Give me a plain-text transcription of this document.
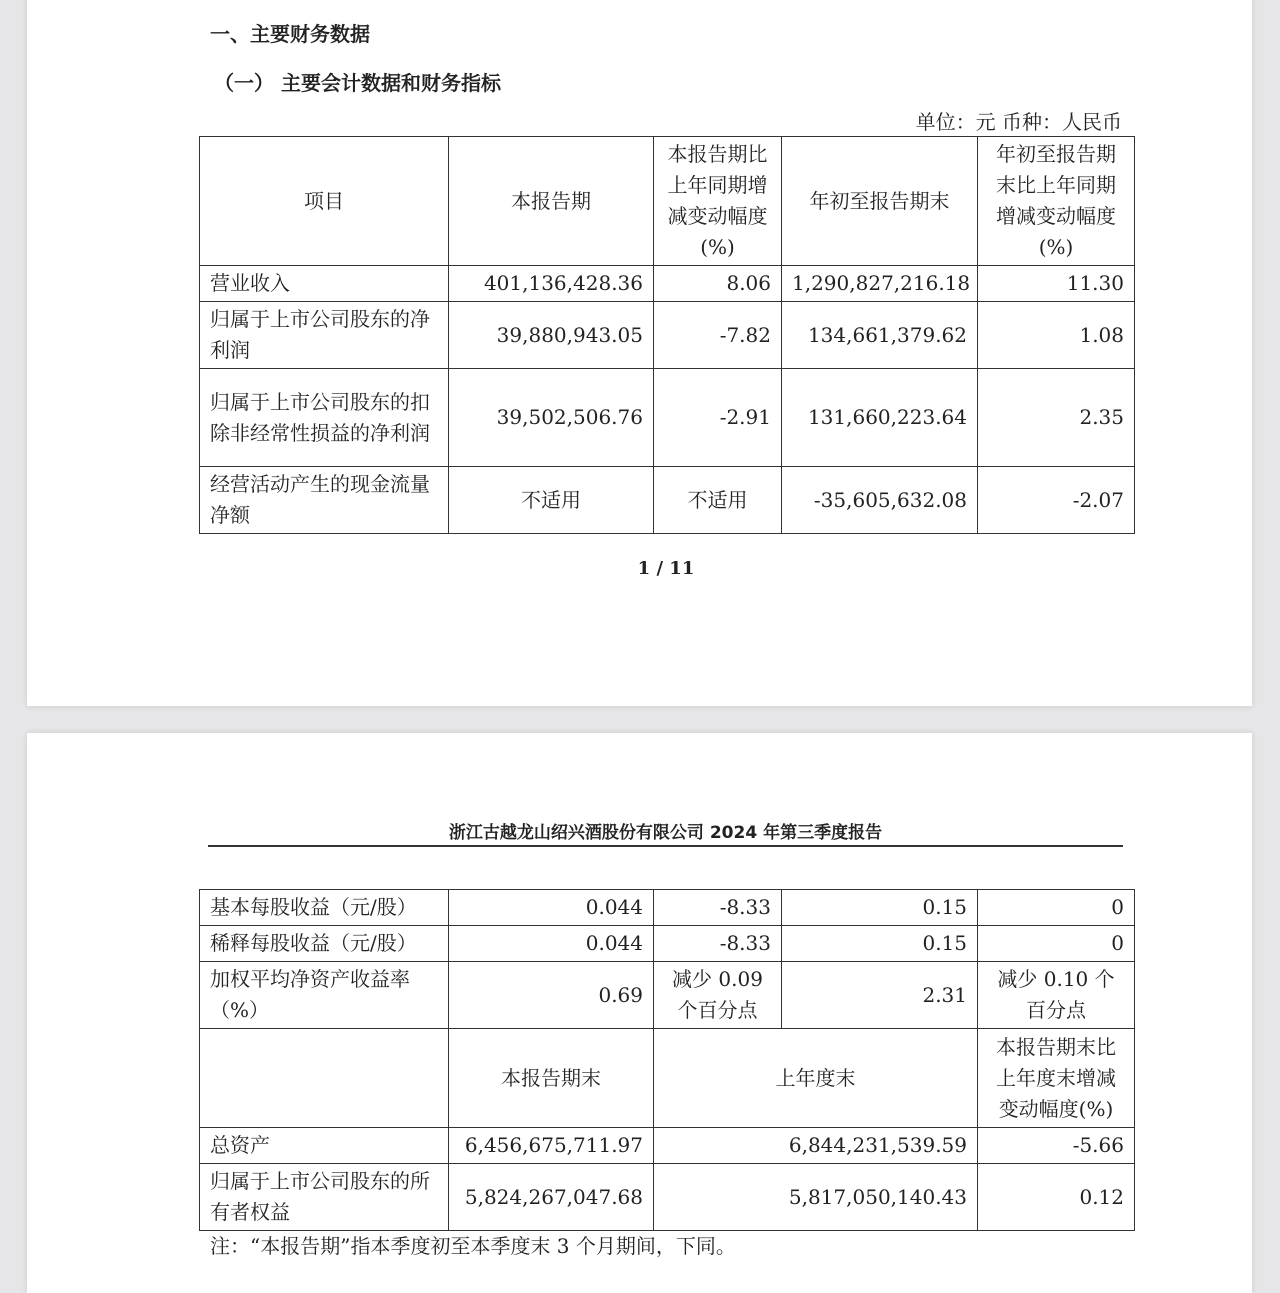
一、主要财务数据
（一） 主要会计数据和财务指标
单位：元 币种：人民币
项目	本报告期	本报告期比上年同期增减变动幅度(%)	年初至报告期末	年初至报告期末比上年同期增减变动幅度(%)
营业收入	401,136,428.36	8.06	1,290,827,216.18	11.30
归属于上市公司股东的净利润	39,880,943.05	-7.82	134,661,379.62	1.08
归属于上市公司股东的扣除非经常性损益的净利润	39,502,506.76	-2.91	131,660,223.64	2.35
经营活动产生的现金流量净额	不适用	不适用	-35,605,632.08	-2.07
1 / 11
浙江古越龙山绍兴酒股份有限公司 2024 年第三季度报告
基本每股收益（元/股）	0.044	-8.33	0.15	0
稀释每股收益（元/股）	0.044	-8.33	0.15	0
加权平均净资产收益率（%）	0.69	减少 0.09 个百分点	2.31	减少 0.10 个百分点
	本报告期末	上年度末		本报告期末比上年度末增减变动幅度(%)
总资产	6,456,675,711.97	6,844,231,539.59		-5.66
归属于上市公司股东的所有者权益	5,824,267,047.68	5,817,050,140.43		0.12
注：“本报告期”指本季度初至本季度末 3 个月期间，下同。
